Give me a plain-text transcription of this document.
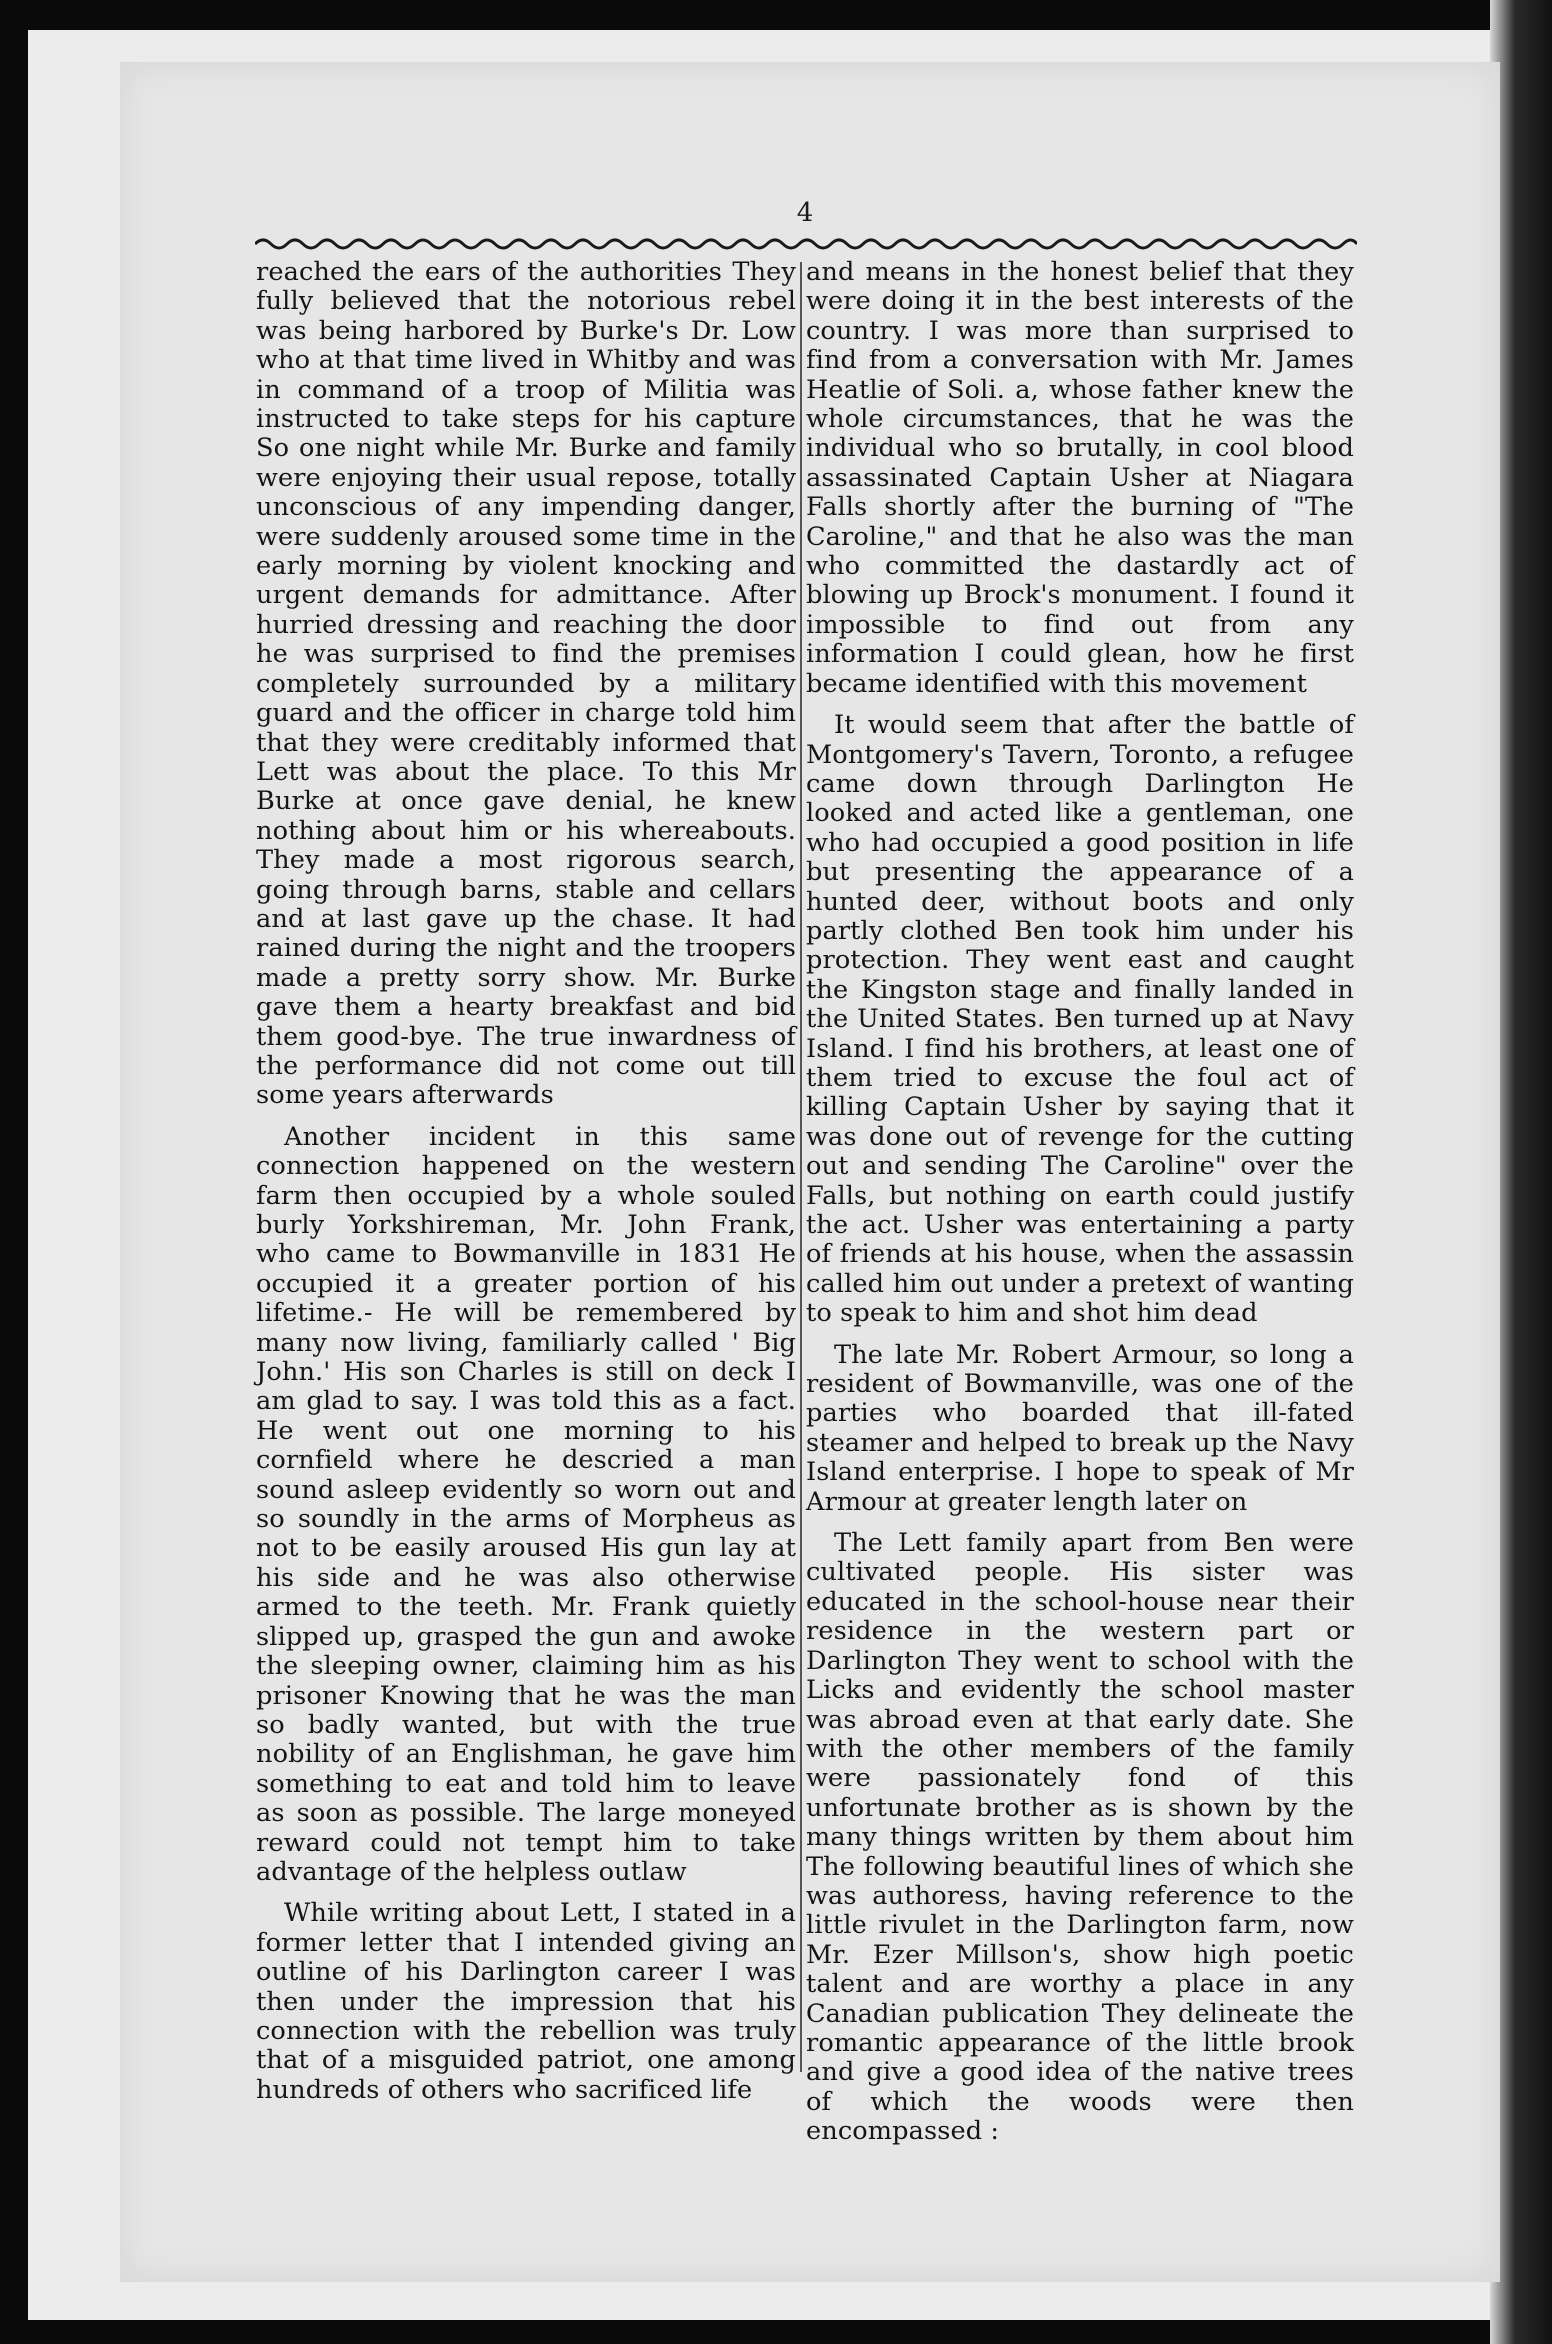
4

reached the ears of the authorities They fully believed that the notorious rebel was being harbored by Burke's Dr. Low who at that time lived in Whitby and was in command of a troop of Militia was instructed to take steps for his capture So one night while Mr. Burke and family were enjoying their usual repose, totally unconscious of any impending danger, were suddenly aroused some time in the early morning by violent knocking and urgent demands for admittance. After hurried dressing and reaching the door he was surprised to find the premises completely surrounded by a military guard and the officer in charge told him that they were creditably informed that Lett was about the place. To this Mr Burke at once gave denial, he knew nothing about him or his whereabouts. They made a most rigorous search, going through barns, stable and cellars and at last gave up the chase. It had rained during the night and the troopers made a pretty sorry show. Mr. Burke gave them a hearty breakfast and bid them good-bye. The true inwardness of the performance did not come out till some years afterwards

Another incident in this same connection happened on the western farm then occupied by a whole souled burly Yorkshireman, Mr. John Frank, who came to Bowmanville in 1831 He occupied it a greater portion of his lifetime.- He will be remembered by many now living, familiarly called ' Big John.' His son Charles is still on deck I am glad to say. I was told this as a fact. He went out one morning to his cornfield where he descried a man sound asleep evidently so worn out and so soundly in the arms of Morpheus as not to be easily aroused His gun lay at his side and he was also otherwise armed to the teeth. Mr. Frank quietly slipped up, grasped the gun and awoke the sleeping owner, claiming him as his prisoner Knowing that he was the man so badly wanted, but with the true nobility of an Englishman, he gave him something to eat and told him to leave as soon as possible. The large moneyed reward could not tempt him to take advantage of the helpless outlaw

While writing about Lett, I stated in a former letter that I intended giving an outline of his Darlington career I was then under the impression that his connection with the rebellion was truly that of a misguided patriot, one among hundreds of others who sacrificed life

and means in the honest belief that they were doing it in the best interests of the country. I was more than surprised to find from a conversation with Mr. James Heatlie of Soli. a, whose father knew the whole circumstances, that he was the individual who so brutally, in cool blood assassinated Captain Usher at Niagara Falls shortly after the burning of "The Caroline," and that he also was the man who committed the dastardly act of blowing up Brock's monument. I found it impossible to find out from any information I could glean, how he first became identified with this movement

It would seem that after the battle of Montgomery's Tavern, Toronto, a refugee came down through Darlington He looked and acted like a gentleman, one who had occupied a good position in life but presenting the appearance of a hunted deer, without boots and only partly clothed Ben took him under his protection. They went east and caught the Kingston stage and finally landed in the United States. Ben turned up at Navy Island. I find his brothers, at least one of them tried to excuse the foul act of killing Captain Usher by saying that it was done out of revenge for the cutting out and sending The Caroline" over the Falls, but nothing on earth could justify the act. Usher was entertaining a party of friends at his house, when the assassin called him out under a pretext of wanting to speak to him and shot him dead

The late Mr. Robert Armour, so long a resident of Bowmanville, was one of the parties who boarded that ill-fated steamer and helped to break up the Navy Island enterprise. I hope to speak of Mr Armour at greater length later on

The Lett family apart from Ben were cultivated people. His sister was educated in the school-house near their residence in the western part or Darlington They went to school with the Licks and evidently the school master was abroad even at that early date. She with the other members of the family were passionately fond of this unfortunate brother as is shown by the many things written by them about him The following beautiful lines of which she was authoress, having reference to the little rivulet in the Darlington farm, now Mr. Ezer Millson's, show high poetic talent and are worthy a place in any Canadian publication They delineate the romantic appearance of the little brook and give a good idea of the native trees of which the woods were then encompassed :
